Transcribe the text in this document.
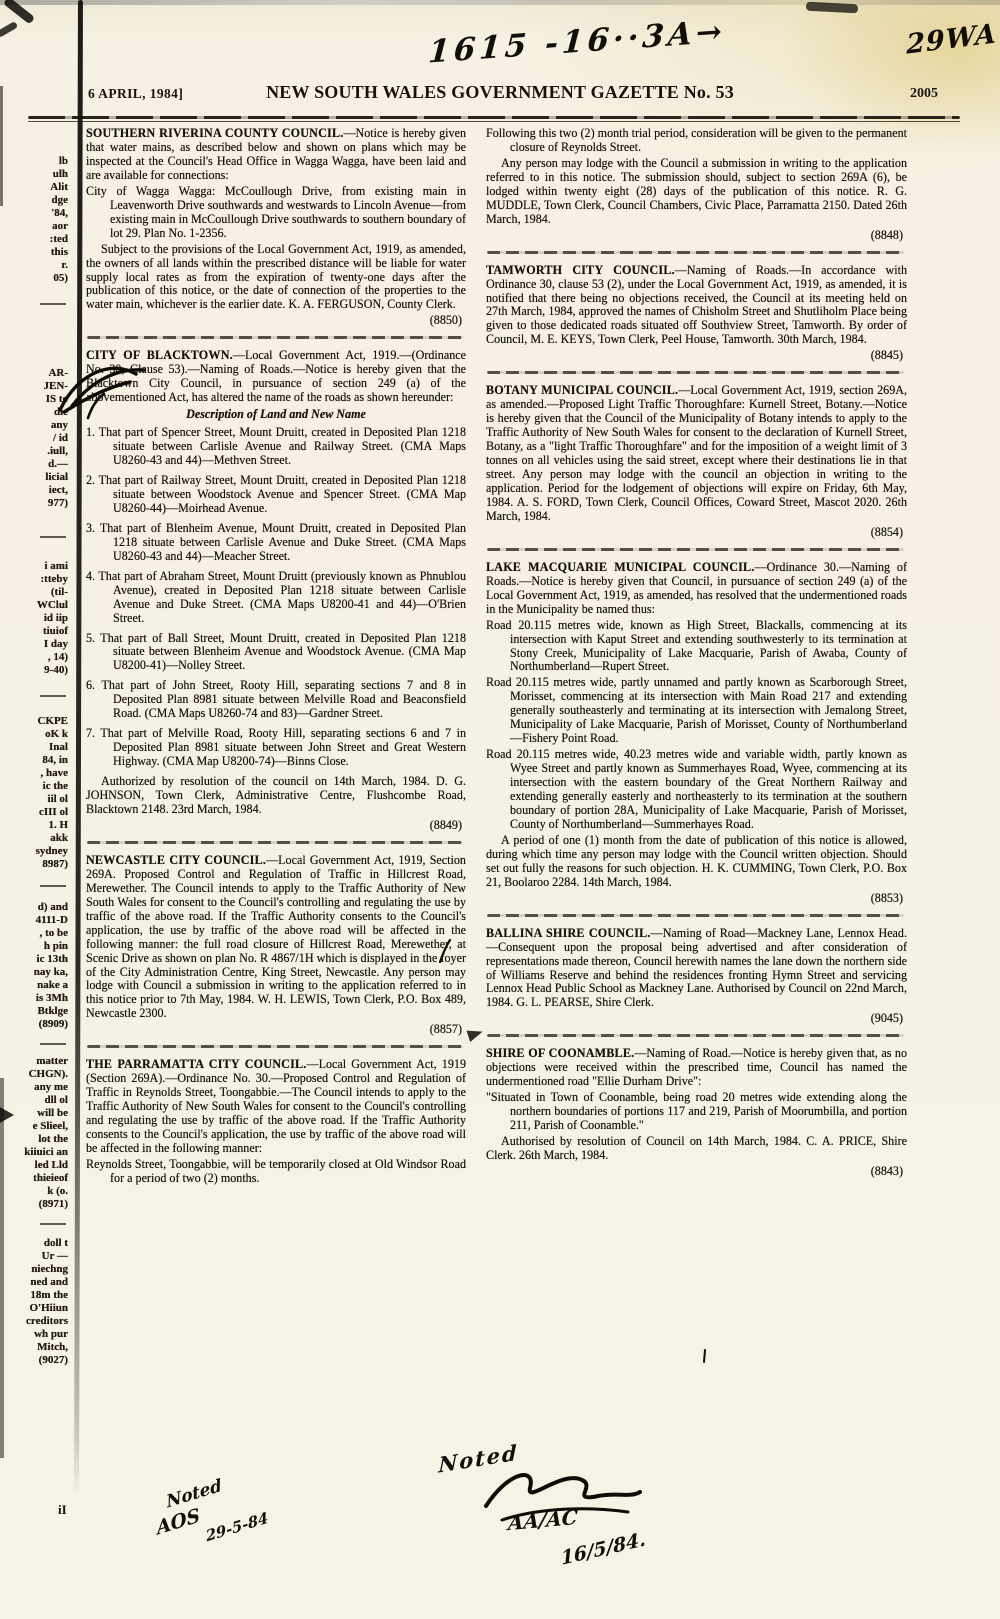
6 APRIL, 1984]	NEW SOUTH WALES GOVERNMENT GAZETTE No. 53	2005
lb
ulh
Alit
dge
'84,
aor
:ted
this
r.
05)
AR-
JEN-
IS to
die
any
/ id
.iull,
d.—
licial
iect,
977)
i ami
:tteby
(til-
WClul
id iip
tiuiof
I day
, 14)
9-40)
CKPE
oK k
Inal
84, in
, have
ic the
iil ol
cIII ol
1. H
akk
sydney
8987)
d) and
4111-D
, to be
h pin
ic 13th
nay ka,
nake a
is 3Mh
Btklge
(8909)
matter
CHGN).
any me
dll ol
will be
e Slieel,
lot the
kiiuici an
led Lld
thieieof
k (o.
(8971)
doll t
Ur —
niechng
ned and
18m the
O'Hiiun
creditors
wh pur
Mitch,
(9027)
iI

SOUTHERN RIVERINA COUNTY COUNCIL.—Notice is hereby given that water mains, as described below and shown on plans which may be inspected at the Council's Head Office in Wagga Wagga, have been laid and are available for connections:

City of Wagga Wagga: McCoullough Drive, from existing main in Leavenworth Drive southwards and westwards to Lincoln Avenue—from existing main in McCoullough Drive southwards to southern boundary of lot 29. Plan No. 1-2356.

Subject to the provisions of the Local Government Act, 1919, as amended, the owners of all lands within the prescribed distance will be liable for water supply local rates as from the expiration of twenty-one days after the publication of this notice, or the date of connection of the properties to the water main, whichever is the earlier date. K. A. FERGUSON, County Clerk.

(8850)

CITY OF BLACKTOWN.—Local Government Act, 1919.—(Ordinance No. 30, Clause 53).—Naming of Roads.—Notice is hereby given that the Blacktown City Council, in pursuance of section 249 (a) of the abovementioned Act, has altered the name of the roads as shown hereunder:

Description of Land and New Name

1. That part of Spencer Street, Mount Druitt, created in Deposited Plan 1218 situate between Carlisle Avenue and Railway Street. (CMA Maps U8260-43 and 44)—Methven Street.

2. That part of Railway Street, Mount Druitt, created in Deposited Plan 1218 situate between Woodstock Avenue and Spencer Street. (CMA Map U8260-44)—Moirhead Avenue.

3. That part of Blenheim Avenue, Mount Druitt, created in Deposited Plan 1218 situate between Carlisle Avenue and Duke Street. (CMA Maps U8260-43 and 44)—Meacher Street.

4. That part of Abraham Street, Mount Druitt (previously known as Phnublou Avenue), created in Deposited Plan 1218 situate between Carlisle Avenue and Duke Street. (CMA Maps U8200-41 and 44)—O'Brien Street.

5. That part of Ball Street, Mount Druitt, created in Deposited Plan 1218 situate between Blenheim Avenue and Woodstock Avenue. (CMA Map U8200-41)—Nolley Street.

6. That part of John Street, Rooty Hill, separating sections 7 and 8 in Deposited Plan 8981 situate between Melville Road and Beaconsfield Road. (CMA Maps U8260-74 and 83)—Gardner Street.

7. That part of Melville Road, Rooty Hill, separating sections 6 and 7 in Deposited Plan 8981 situate between John Street and Great Western Highway. (CMA Map U8200-74)—Binns Close.

Authorized by resolution of the council on 14th March, 1984. D. G. JOHNSON, Town Clerk, Administrative Centre, Flushcombe Road, Blacktown 2148. 23rd March, 1984.

(8849)

NEWCASTLE CITY COUNCIL.—Local Government Act, 1919, Section 269A. Proposed Control and Regulation of Traffic in Hillcrest Road, Merewether. The Council intends to apply to the Traffic Authority of New South Wales for consent to the Council's controlling and regulating the use by traffic of the above road. If the Traffic Authority consents to the Council's application, the use by traffic of the above road will be affected in the following manner: the full road closure of Hillcrest Road, Merewether, at Scenic Drive as shown on plan No. R 4867/1H which is displayed in the foyer of the City Administration Centre, King Street, Newcastle. Any person may lodge with Council a submission in writing to the application referred to in this notice prior to 7th May, 1984. W. H. LEWIS, Town Clerk, P.O. Box 489, Newcastle 2300.

(8857)

THE PARRAMATTA CITY COUNCIL.—Local Government Act, 1919 (Section 269A).—Ordinance No. 30.—Proposed Control and Regulation of Traffic in Reynolds Street, Toongabbie.—The Council intends to apply to the Traffic Authority of New South Wales for consent to the Council's controlling and regulating the use by traffic of the above road. If the Traffic Authority consents to the Council's application, the use by traffic of the above road will be affected in the following manner:

Reynolds Street, Toongabbie, will be temporarily closed at Old Windsor Road for a period of two (2) months.

Following this two (2) month trial period, consideration will be given to the permanent closure of Reynolds Street.

Any person may lodge with the Council a submission in writing to the application referred to in this notice. The submission should, subject to section 269A (6), be lodged within twenty eight (28) days of the publication of this notice. R. G. MUDDLE, Town Clerk, Council Chambers, Civic Place, Parramatta 2150. Dated 26th March, 1984.

(8848)

TAMWORTH CITY COUNCIL.—Naming of Roads.—In accordance with Ordinance 30, clause 53 (2), under the Local Government Act, 1919, as amended, it is notified that there being no objections received, the Council at its meeting held on 27th March, 1984, approved the names of Chisholm Street and Shutliholm Place being given to those dedicated roads situated off Southview Street, Tamworth. By order of Council, M. E. KEYS, Town Clerk, Peel House, Tamworth. 30th March, 1984.

(8845)

BOTANY MUNICIPAL COUNCIL.—Local Government Act, 1919, section 269A, as amended.—Proposed Light Traffic Thoroughfare: Kurnell Street, Botany.—Notice is hereby given that the Council of the Municipality of Botany intends to apply to the Traffic Authority of New South Wales for consent to the declaration of Kurnell Street, Botany, as a "light Traffic Thoroughfare" and for the imposition of a weight limit of 3 tonnes on all vehicles using the said street, except where their destinations lie in that street. Any person may lodge with the council an objection in writing to the application. Period for the lodgement of objections will expire on Friday, 6th May, 1984. A. S. FORD, Town Clerk, Council Offices, Coward Street, Mascot 2020. 26th March, 1984.

(8854)

LAKE MACQUARIE MUNICIPAL COUNCIL.—Ordinance 30.—Naming of Roads.—Notice is hereby given that Council, in pursuance of section 249 (a) of the Local Government Act, 1919, as amended, has resolved that the undermentioned roads in the Municipality be named thus:

Road 20.115 metres wide, known as High Street, Blackalls, commencing at its intersection with Kaput Street and extending southwesterly to its termination at Stony Creek, Municipality of Lake Macquarie, Parish of Awaba, County of Northumberland—Rupert Street.

Road 20.115 metres wide, partly unnamed and partly known as Scarborough Street, Morisset, commencing at its intersection with Main Road 217 and extending generally southeasterly and terminating at its intersection with Jemalong Street, Municipality of Lake Macquarie, Parish of Morisset, County of Northumberland—Fishery Point Road.

Road 20.115 metres wide, 40.23 metres wide and variable width, partly known as Wyee Street and partly known as Summerhayes Road, Wyee, commencing at its intersection with the eastern boundary of the Great Northern Railway and extending generally easterly and northeasterly to its termination at the southern boundary of portion 28A, Municipality of Lake Macquarie, Parish of Morisset, County of Northumberland—Summerhayes Road.

A period of one (1) month from the date of publication of this notice is allowed, during which time any person may lodge with the Council written objection. Should set out fully the reasons for such objection. H. K. CUMMING, Town Clerk, P.O. Box 21, Boolaroo 2284. 14th March, 1984.

(8853)

BALLINA SHIRE COUNCIL.—Naming of Road—Mackney Lane, Lennox Head.—Consequent upon the proposal being advertised and after consideration of representations made thereon, Council herewith names the lane down the northern side of Williams Reserve and behind the residences fronting Hymn Street and servicing Lennox Head Public School as Mackney Lane. Authorised by Council on 22nd March, 1984. G. L. PEARSE, Shire Clerk.

(9045)

SHIRE OF COONAMBLE.—Naming of Road.—Notice is hereby given that, as no objections were received within the prescribed time, Council has named the undermentioned road "Ellie Durham Drive":

"Situated in Town of Coonamble, being road 20 metres wide extending along the northern boundaries of portions 117 and 219, Parish of Moorumbilla, and portion 211, Parish of Coonamble."

Authorised by resolution of Council on 14th March, 1984. C. A. PRICE, Shire Clerk. 26th March, 1984.

(8843)

1615 -16··3A→	29WA
Noted
AOS 29-5-84
Noted
AA/AC
16/5/84.
